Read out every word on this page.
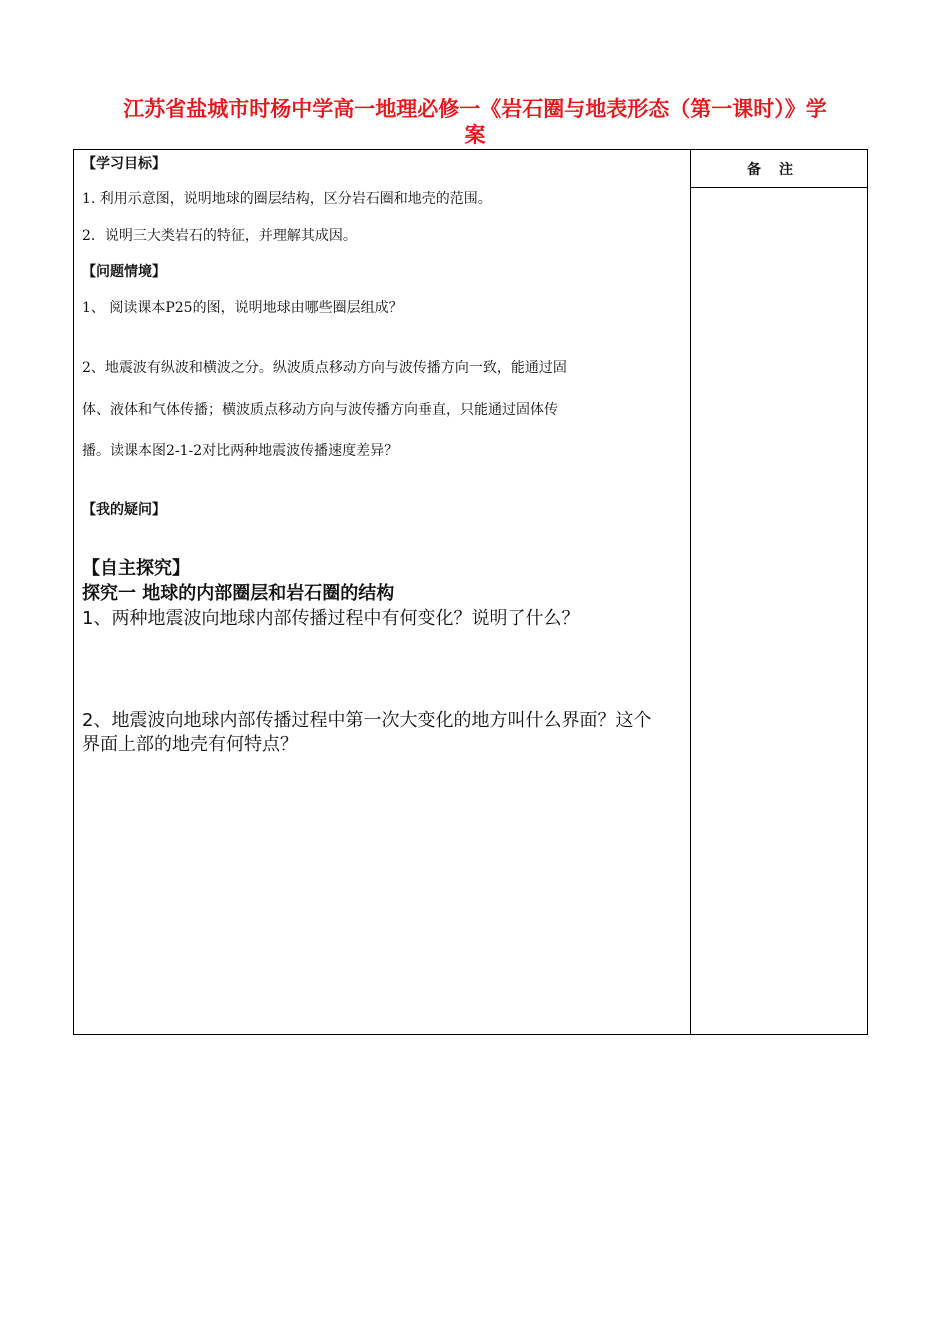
江苏省盐城市时杨中学高一地理必修一《岩石圈与地表形态（第一课时）》学
案
备注
【学习目标】
1. 利用示意图，说明地球的圈层结构，区分岩石圈和地壳的范围。
2．说明三大类岩石的特征，并理解其成因。
【问题情境】
1、 阅读课本P25的图，说明地球由哪些圈层组成？
2、地震波有纵波和横波之分。纵波质点移动方向与波传播方向一致，能通过固
体、液体和气体传播；横波质点移动方向与波传播方向垂直，只能通过固体传
播。读课本图2-1-2对比两种地震波传播速度差异？
【我的疑问】
【自主探究】
探究一 地球的内部圈层和岩石圈的结构
1、两种地震波向地球内部传播过程中有何变化？说明了什么？
2、地震波向地球内部传播过程中第一次大变化的地方叫什么界面？这个
界面上部的地壳有何特点？
